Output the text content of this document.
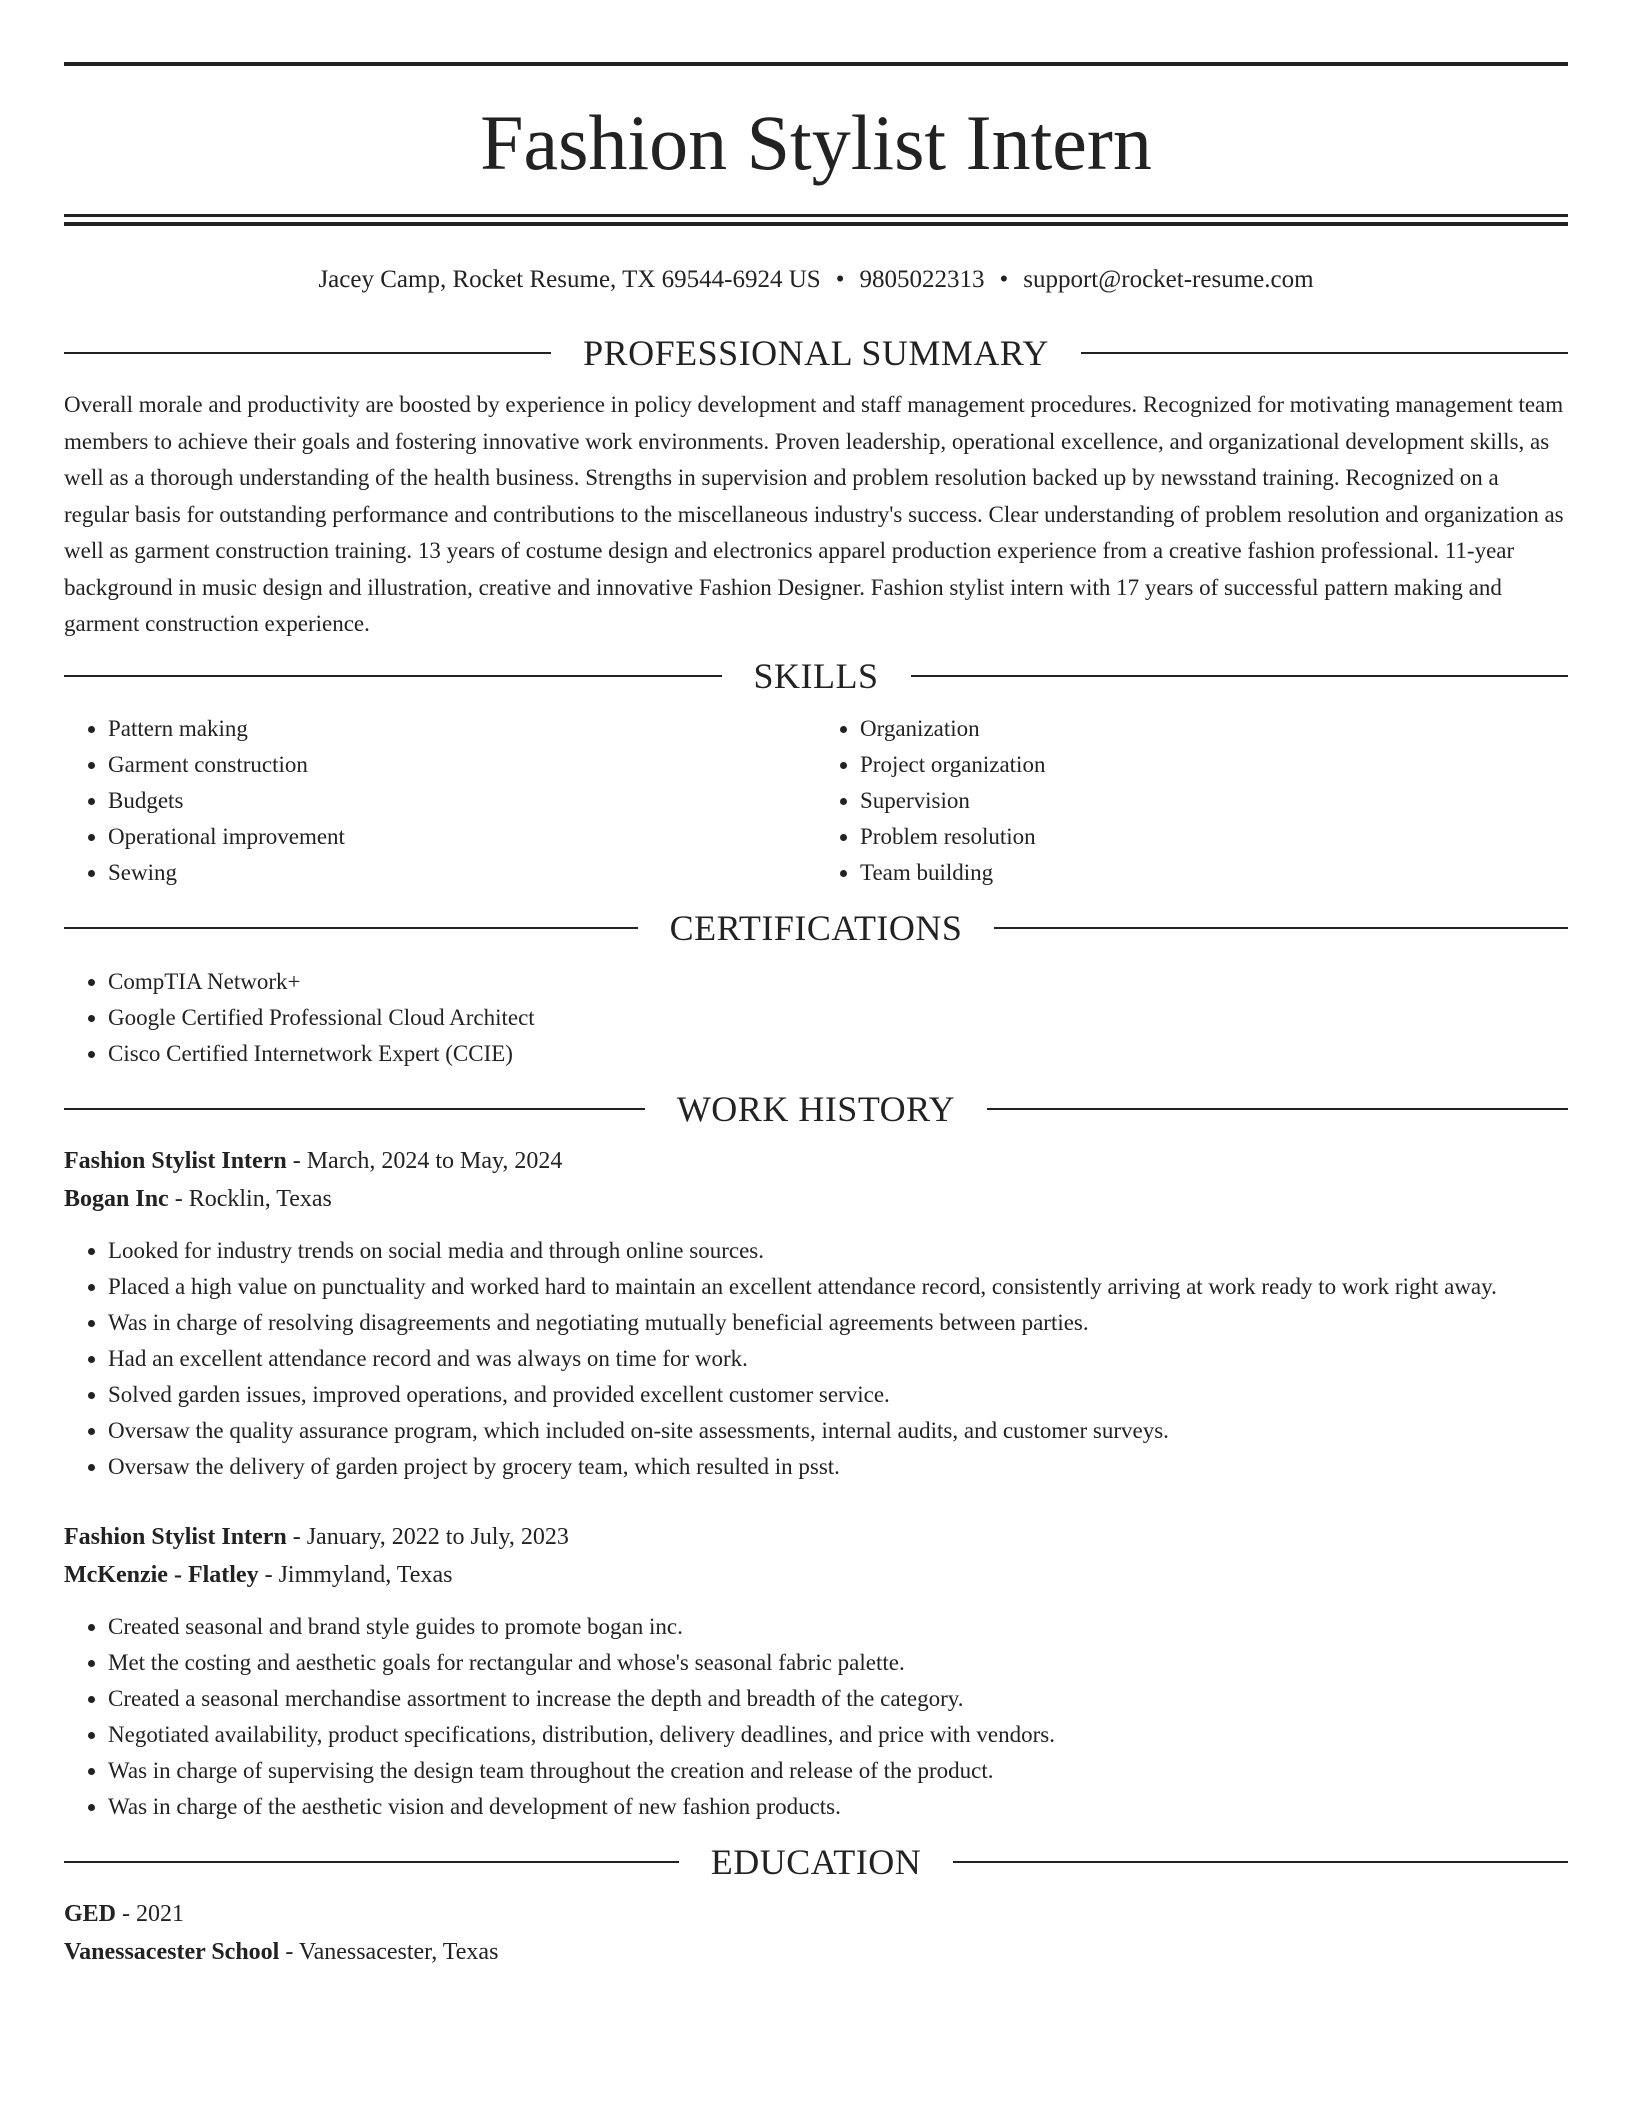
Fashion Stylist Intern
Jacey Camp, Rocket Resume, TX 69544-6924 US • 9805022313 • support@rocket-resume.com
PROFESSIONAL SUMMARY

Overall morale and productivity are boosted by experience in policy development and staff management procedures. Recognized for motivating management team members to achieve their goals and fostering innovative work environments. Proven leadership, operational excellence, and organizational development skills, as well as a thorough understanding of the health business. Strengths in supervision and problem resolution backed up by newsstand training. Recognized on a regular basis for outstanding performance and contributions to the miscellaneous industry's success. Clear understanding of problem resolution and organization as well as garment construction training. 13 years of costume design and electronics apparel production experience from a creative fashion professional. 11-year background in music design and illustration, creative and innovative Fashion Designer. Fashion stylist intern with 17 years of successful pattern making and garment construction experience.

SKILLS
• Pattern making
• Garment construction
• Budgets
• Operational improvement
• Sewing
• Organization
• Project organization
• Supervision
• Problem resolution
• Team building
CERTIFICATIONS
• CompTIA Network+
• Google Certified Professional Cloud Architect
• Cisco Certified Internetwork Expert (CCIE)
WORK HISTORY

Fashion Stylist Intern - March, 2024 to May, 2024

Bogan Inc - Rocklin, Texas

• Looked for industry trends on social media and through online sources.
• Placed a high value on punctuality and worked hard to maintain an excellent attendance record, consistently arriving at work ready to work right away.
• Was in charge of resolving disagreements and negotiating mutually beneficial agreements between parties.
• Had an excellent attendance record and was always on time for work.
• Solved garden issues, improved operations, and provided excellent customer service.
• Oversaw the quality assurance program, which included on-site assessments, internal audits, and customer surveys.
• Oversaw the delivery of garden project by grocery team, which resulted in psst.

Fashion Stylist Intern - January, 2022 to July, 2023

McKenzie - Flatley - Jimmyland, Texas

• Created seasonal and brand style guides to promote bogan inc.
• Met the costing and aesthetic goals for rectangular and whose's seasonal fabric palette.
• Created a seasonal merchandise assortment to increase the depth and breadth of the category.
• Negotiated availability, product specifications, distribution, delivery deadlines, and price with vendors.
• Was in charge of supervising the design team throughout the creation and release of the product.
• Was in charge of the aesthetic vision and development of new fashion products.
EDUCATION

GED - 2021

Vanessacester School - Vanessacester, Texas
